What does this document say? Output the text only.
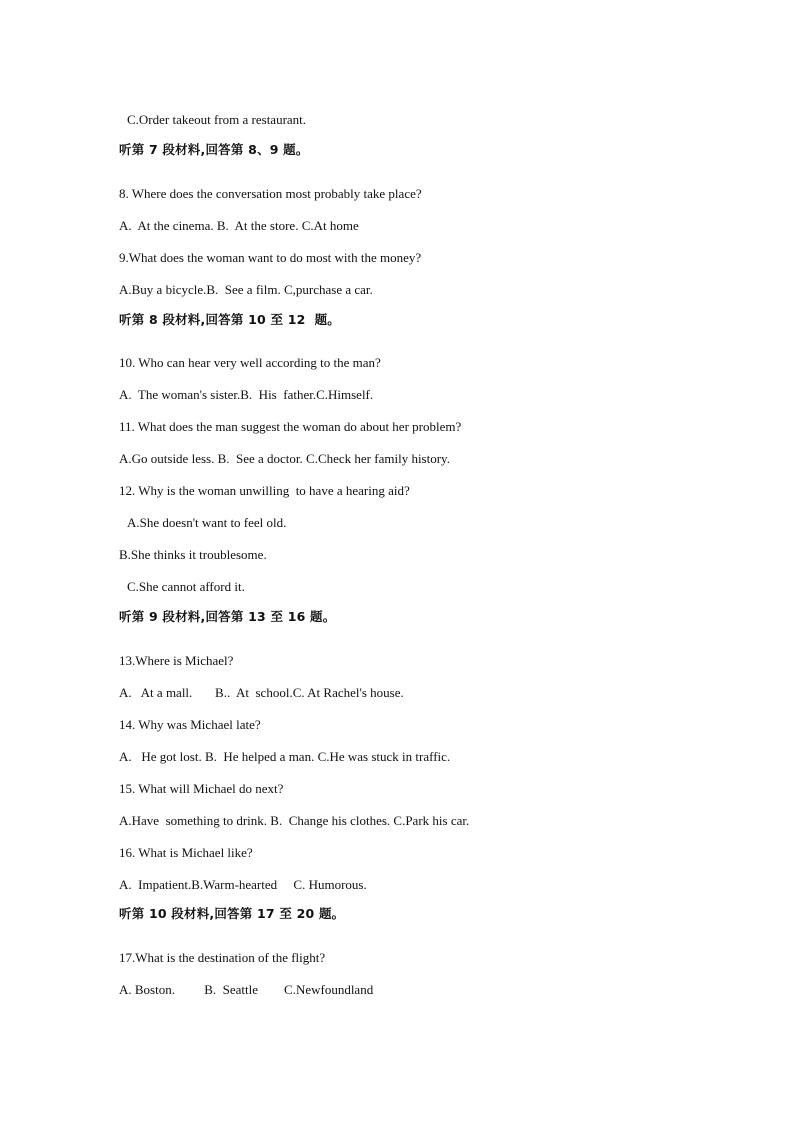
C.Order takeout from a restaurant.
听第 7 段材料,回答第 8、9 题。
8. Where does the conversation most probably take place?
A.  At the cinema. B.  At the store. C.At home
9.What does the woman want to do most with the money?
A.Buy a bicycle.B.  See a film. C,purchase a car.
听第 8 段材料,回答第 10 至 12  题。
10. Who can hear very well according to the man?
A.  The woman's sister.B.  His  father.C.Himself.
11. What does the man suggest the woman do about her problem?
A.Go outside less. B.  See a doctor. C.Check her family history.
12. Why is the woman unwilling  to have a hearing aid?
A.She doesn't want to feel old.
B.She thinks it troublesome.
C.She cannot afford it.
听第 9 段材料,回答第 13 至 16 题。
13.Where is Michael?
A.   At a mall.       B..  At  school.C. At Rachel's house.
14. Why was Michael late?
A.   He got lost. B.  He helped a man. C.He was stuck in traffic.
15. What will Michael do next?
A.Have  something to drink. B.  Change his clothes. C.Park his car.
16. What is Michael like?
A.  Impatient.B.Warm-hearted     C. Humorous.
听第 10 段材料,回答第 17 至 20 题。
17.What is the destination of the flight?
A. Boston.         B.  Seattle        C.Newfoundland
